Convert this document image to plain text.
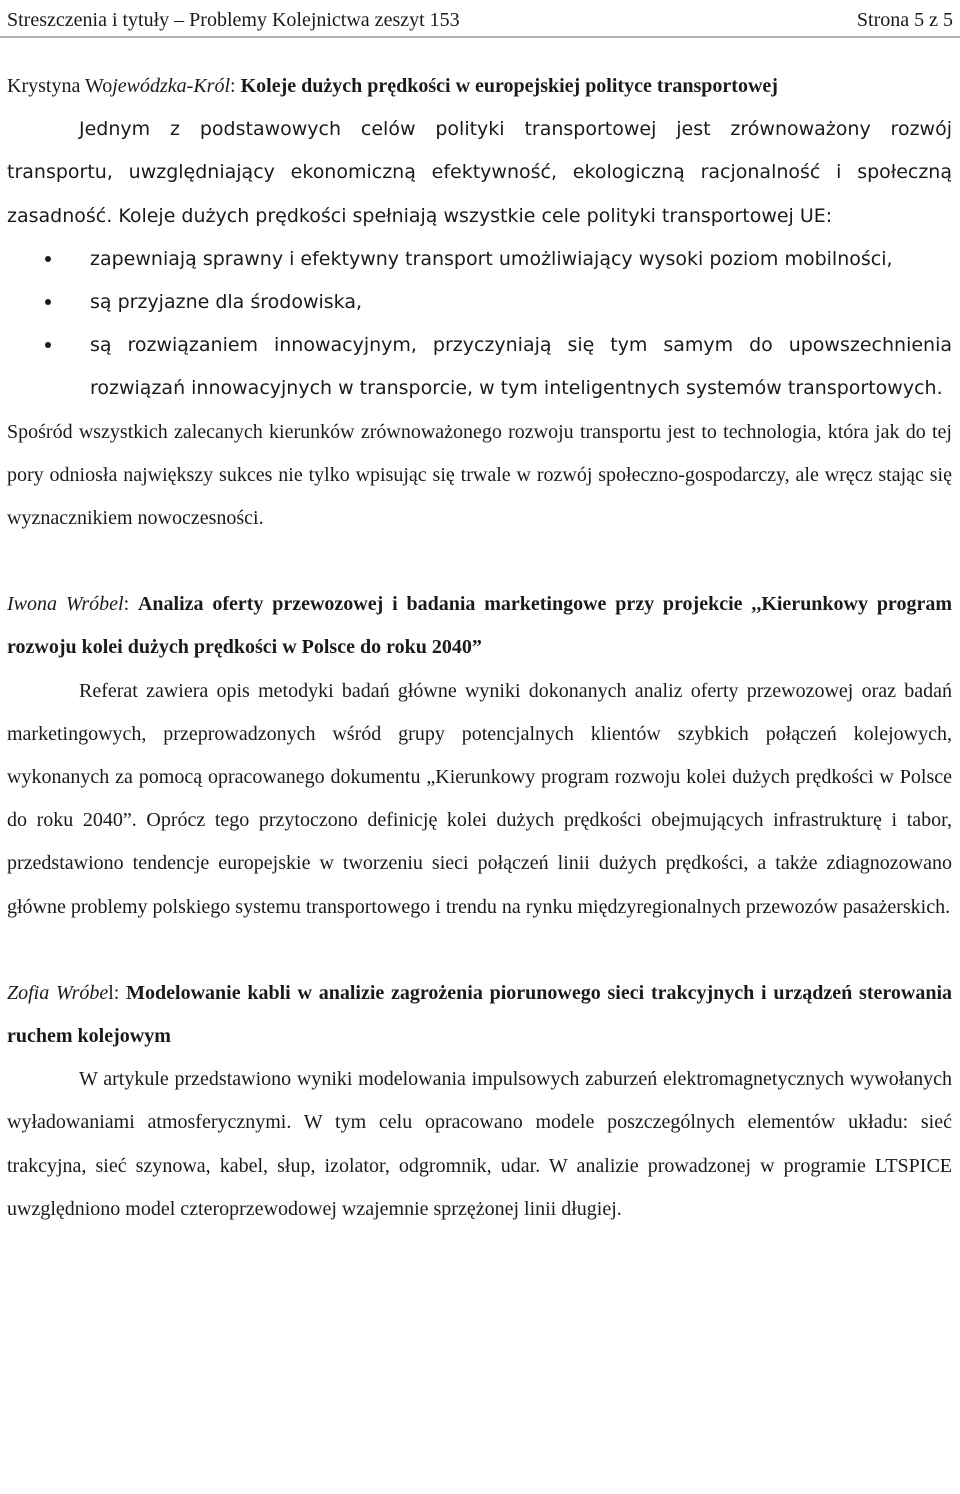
Streszczenia i tytuły – Problemy Kolejnictwa zeszyt 153	Strona 5 z 5

Krystyna Wojewódzka-Król: Koleje dużych prędkości w europejskiej polityce transportowej

Jednym z podstawowych celów polityki transportowej jest zrównoważony rozwój transportu, uwzględniający ekonomiczną efektywność, ekologiczną racjonalność i społeczną zasadność. Koleje dużych prędkości spełniają wszystkie cele polityki transportowej UE:

zapewniają sprawny i efektywny transport umożliwiający wysoki poziom mobilności,
są przyjazne dla środowiska,
są rozwiązaniem innowacyjnym, przyczyniają się tym samym do upowszechnienia rozwiązań innowacyjnych w transporcie, w tym inteligentnych systemów transportowych.

Spośród wszystkich zalecanych kierunków zrównoważonego rozwoju transportu jest to technologia, która jak do tej pory odniosła największy sukces nie tylko wpisując się trwale w rozwój społeczno-gospodarczy, ale wręcz stając się wyznacznikiem nowoczesności.

Iwona Wróbel: Analiza oferty przewozowej i badania marketingowe przy projekcie ,,Kierunkowy program rozwoju kolei dużych prędkości w Polsce do roku 2040”

Referat zawiera opis metodyki badań główne wyniki dokonanych analiz oferty przewozowej oraz badań marketingowych, przeprowadzonych wśród grupy potencjalnych klientów szybkich połączeń kolejowych, wykonanych za pomocą opracowanego dokumentu „Kierunkowy program rozwoju kolei dużych prędkości w Polsce do roku 2040”. Oprócz tego przytoczono definicję kolei dużych prędkości obejmujących infrastrukturę i tabor, przedstawiono tendencje europejskie w tworzeniu sieci połączeń linii dużych prędkości, a także zdiagnozowano główne problemy polskiego systemu transportowego i trendu na rynku międzyregionalnych przewozów pasażerskich.

Zofia Wróbel: Modelowanie kabli w analizie zagrożenia piorunowego sieci trakcyjnych i urządzeń sterowania ruchem kolejowym

W artykule przedstawiono wyniki modelowania impulsowych zaburzeń elektromagnetycznych wywołanych wyładowaniami atmosferycznymi. W tym celu opracowano modele poszczególnych elementów układu: sieć trakcyjna, sieć szynowa, kabel, słup, izolator, odgromnik, udar. W analizie prowadzonej w programie LTSPICE uwzględniono model czteroprzewodowej wzajemnie sprzężonej linii długiej.
